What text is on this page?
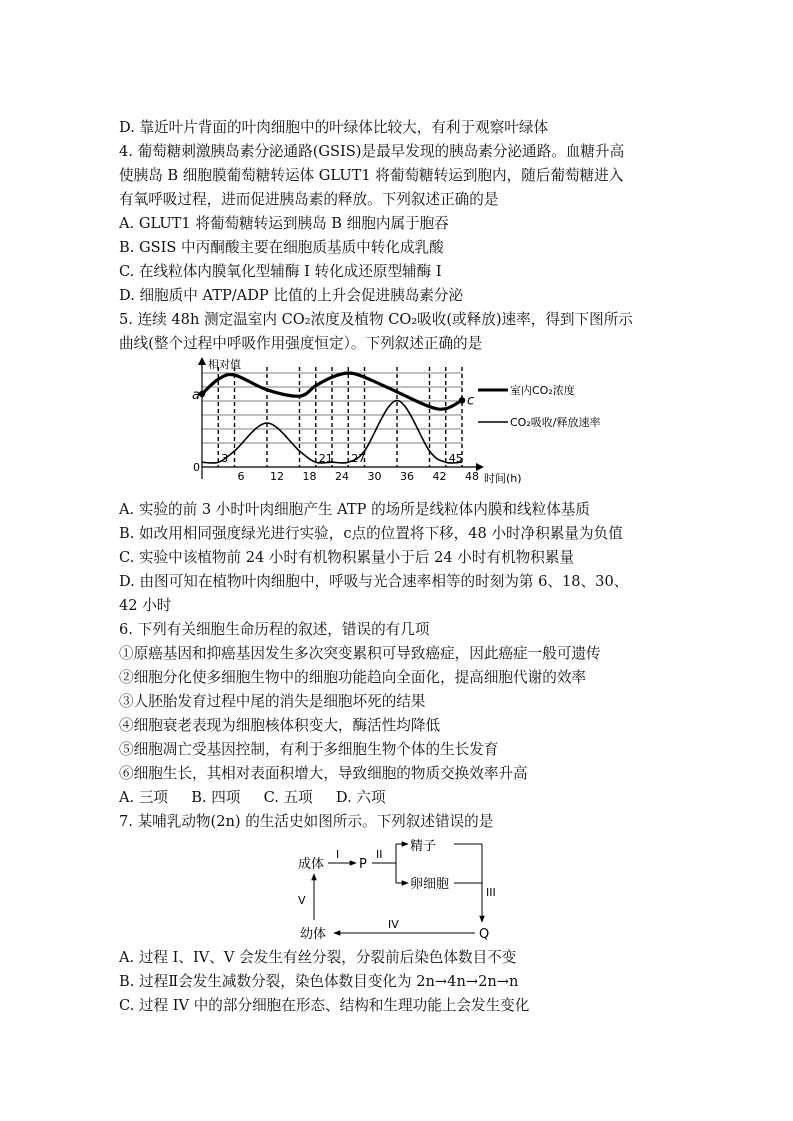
D. 靠近叶片背面的叶肉细胞中的叶绿体比较大，有利于观察叶绿体
4. 葡萄糖刺激胰岛素分泌通路(GSIS)是最早发现的胰岛素分泌通路。血糖升高
使胰岛 B 细胞膜葡萄糖转运体 GLUT1 将葡萄糖转运到胞内，随后葡萄糖进入
有氧呼吸过程，进而促进胰岛素的释放。下列叙述正确的是
A. GLUT1 将葡萄糖转运到胰岛 B 细胞内属于胞吞
B. GSIS 中丙酮酸主要在细胞质基质中转化成乳酸
C. 在线粒体内膜氧化型辅酶 I 转化成还原型辅酶 I
D. 细胞质中 ATP/ADP 比值的上升会促进胰岛素分泌
5. 连续 48h 测定温室内 CO₂浓度及植物 CO₂吸收(或释放)速率，得到下图所示
曲线(整个过程中呼吸作用强度恒定）。下列叙述正确的是
相对值
时间(h)
0
a	c
室内CO₂浓度
CO₂吸收/释放速率
3
6 12 18
21
24
27
30 36 42
45
48
A. 实验的前 3 小时叶肉细胞产生 ATP 的场所是线粒体内膜和线粒体基质
B. 如改用相同强度绿光进行实验，c点的位置将下移，48 小时净积累量为负值
C. 实验中该植物前 24 小时有机物积累量小于后 24 小时有机物积累量
D. 由图可知在植物叶肉细胞中，呼吸与光合速率相等的时刻为第 6、18、30、
42 小时
6. 下列有关细胞生命历程的叙述，错误的有几项
①原癌基因和抑癌基因发生多次突变累积可导致癌症，因此癌症一般可遗传
②细胞分化使多细胞生物中的细胞功能趋向全面化，提高细胞代谢的效率
③人胚胎发育过程中尾的消失是细胞坏死的结果
④细胞衰老表现为细胞核体积变大，酶活性均降低
⑤细胞凋亡受基因控制，有利于多细胞生物个体的生长发育
⑥细胞生长，其相对表面积增大，导致细胞的物质交换效率升高
A. 三项     B. 四项     C. 五项     D. 六项
7. 某哺乳动物(2n) 的生活史如图所示。下列叙述错误的是
成体	P
精子
卵细胞
Q
幼体
I	II
III
IV
V
A. 过程 I、IV、V 会发生有丝分裂，分裂前后染色体数目不变
B. 过程Ⅱ会发生减数分裂，染色体数目变化为 2n→4n→2n→n
C. 过程 IV 中的部分细胞在形态、结构和生理功能上会发生变化
